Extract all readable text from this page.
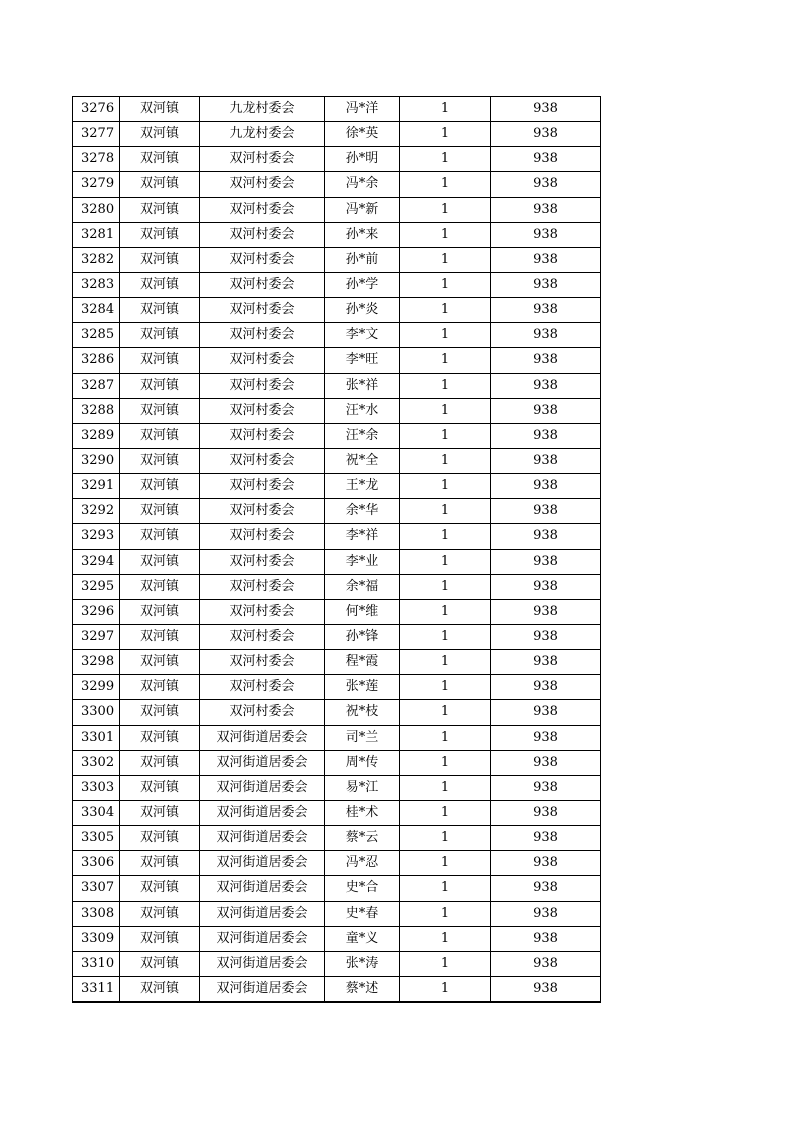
3276	双河镇	九龙村委会	冯*洋	1	938
3277	双河镇	九龙村委会	徐*英	1	938
3278	双河镇	双河村委会	孙*明	1	938
3279	双河镇	双河村委会	冯*余	1	938
3280	双河镇	双河村委会	冯*新	1	938
3281	双河镇	双河村委会	孙*来	1	938
3282	双河镇	双河村委会	孙*前	1	938
3283	双河镇	双河村委会	孙*学	1	938
3284	双河镇	双河村委会	孙*炎	1	938
3285	双河镇	双河村委会	李*文	1	938
3286	双河镇	双河村委会	李*旺	1	938
3287	双河镇	双河村委会	张*祥	1	938
3288	双河镇	双河村委会	汪*水	1	938
3289	双河镇	双河村委会	汪*余	1	938
3290	双河镇	双河村委会	祝*全	1	938
3291	双河镇	双河村委会	王*龙	1	938
3292	双河镇	双河村委会	余*华	1	938
3293	双河镇	双河村委会	李*祥	1	938
3294	双河镇	双河村委会	李*业	1	938
3295	双河镇	双河村委会	余*福	1	938
3296	双河镇	双河村委会	何*维	1	938
3297	双河镇	双河村委会	孙*锋	1	938
3298	双河镇	双河村委会	程*霞	1	938
3299	双河镇	双河村委会	张*莲	1	938
3300	双河镇	双河村委会	祝*枝	1	938
3301	双河镇	双河街道居委会	司*兰	1	938
3302	双河镇	双河街道居委会	周*传	1	938
3303	双河镇	双河街道居委会	易*江	1	938
3304	双河镇	双河街道居委会	桂*术	1	938
3305	双河镇	双河街道居委会	蔡*云	1	938
3306	双河镇	双河街道居委会	冯*忍	1	938
3307	双河镇	双河街道居委会	史*合	1	938
3308	双河镇	双河街道居委会	史*春	1	938
3309	双河镇	双河街道居委会	童*义	1	938
3310	双河镇	双河街道居委会	张*涛	1	938
3311	双河镇	双河街道居委会	蔡*述	1	938
